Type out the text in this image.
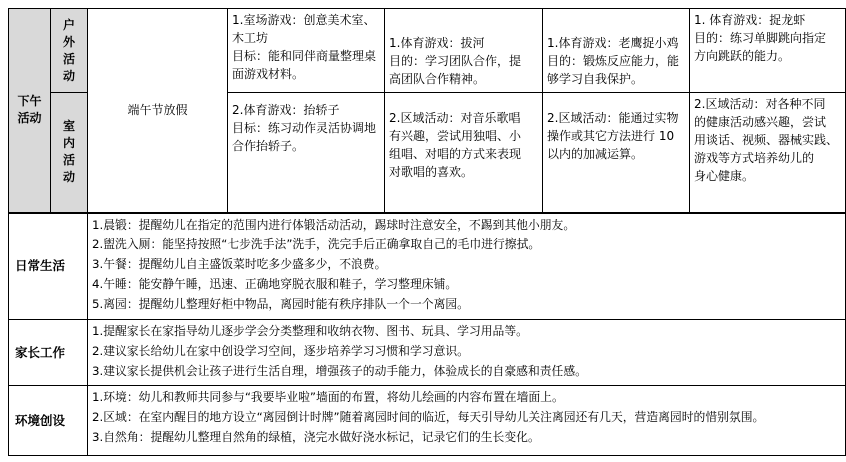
下午活动	户外活动	端午节放假	1.室场游戏：创意美术室、
木工坊
目标：能和同伴商量整理桌
面游戏材料。	1.体育游戏：拔河
目的：学习团队合作，提
高团队合作精神。	1.体育游戏：老鹰捉小鸡
目的：锻炼反应能力，能
够学习自我保护。	1. 体育游戏：捉龙虾
目的：练习单脚跳向指定
方向跳跃的能力。

	室内活动		2.体育游戏：抬轿子
目标：练习动作灵活协调地
合作抬轿子。	2.区域活动：对音乐歌唱
有兴趣，尝试用独唱、小
组唱、对唱的方式来表现
对歌唱的喜欢。	2.区域活动：能通过实物
操作或其它方法进行 10
以内的加减运算。	2.区域活动：对各种不同
的健康活动感兴趣，尝试
用谈话、视频、器械实践、
游戏等方式培养幼儿的
身心健康。

日常生活		1.晨锻：提醒幼儿在指定的范围内进行体锻活动活动，踢球时注意安全，不踢到其他小朋友。
2.盥洗入厕：能坚持按照“七步洗手法”洗手，洗完手后正确拿取自己的毛巾进行擦拭。
3.午餐：提醒幼儿自主盛饭菜时吃多少盛多少，不浪费。
4.午睡：能安静午睡，迅速、正确地穿脱衣服和鞋子，学习整理床铺。
5.离园：提醒幼儿整理好柜中物品，离园时能有秩序排队一个一个离园。				

家长工作		1.提醒家长在家指导幼儿逐步学会分类整理和收纳衣物、图书、玩具、学习用品等。
2.建议家长给幼儿在家中创设学习空间，逐步培养学习习惯和学习意识。
3.建议家长提供机会让孩子进行生活自理，增强孩子的动手能力，体验成长的自豪感和责任感。				

环境创设		1.环境：幼儿和教师共同参与“我要毕业啦”墙面的布置，将幼儿绘画的内容布置在墙面上。
2.区域：在室内醒目的地方设立“离园倒计时牌”随着离园时间的临近，每天引导幼儿关注离园还有几天，营造离园时的惜别氛围。
3.自然角：提醒幼儿整理自然角的绿植，浇完水做好浇水标记，记录它们的生长变化。				
